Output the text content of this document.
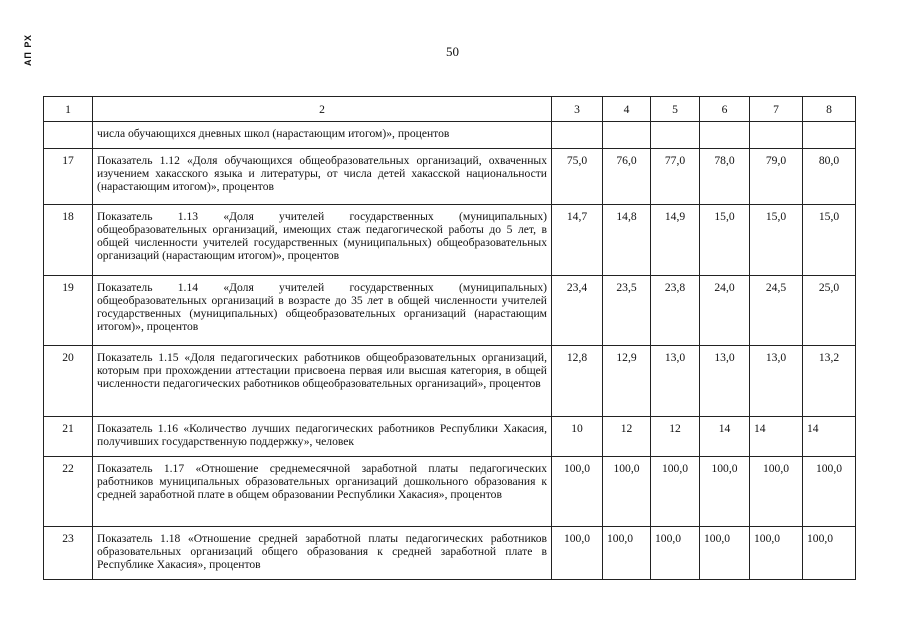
АП РХ	50
1	2	3	4	5	6	7	8
	числа обучающихся дневных школ (нарастающим итогом)», процентов						
17	Показатель 1.12 «Доля обучающихся общеобразовательных организаций, охваченных изучением хакасского языка и литературы, от числа детей хакасской национальности (нарастающим итогом)», процентов	75,0	76,0	77,0	78,0	79,0	80,0
18	Показатель 1.13 «Доля учителей государственных (муниципальных) общеобразовательных организаций, имеющих стаж педагогической работы до 5 лет, в общей численности учителей государственных (муниципальных) общеобразовательных организаций (нарастающим итогом)», процентов	14,7	14,8	14,9	15,0	15,0	15,0
19	Показатель 1.14 «Доля учителей государственных (муниципальных) общеобразовательных организаций в возрасте до 35 лет в общей численности учителей государственных (муниципальных) общеобразовательных организаций (нарастающим итогом)», процентов	23,4	23,5	23,8	24,0	24,5	25,0
20	Показатель 1.15 «Доля педагогических работников общеобразовательных организаций, которым при прохождении аттестации присвоена первая или высшая категория, в общей численности педагогических работников общеобразовательных организаций», процентов	12,8	12,9	13,0	13,0	13,0	13,2
21	Показатель 1.16 «Количество лучших педагогических работников Республики Хакасия, получивших государственную поддержку», человек	10	12	12	14	14	14
22	Показатель 1.17 «Отношение среднемесячной заработной платы педагогических работников муниципальных образовательных организаций дошкольного образования к средней заработной плате в общем образовании Республики Хакасия», процентов	100,0	100,0	100,0	100,0	100,0	100,0
23	Показатель 1.18 «Отношение средней заработной платы педагогических работников образовательных организаций общего образования к средней заработной плате в Республике Хакасия», процентов	100,0	100,0	100,0	100,0	100,0	100,0
